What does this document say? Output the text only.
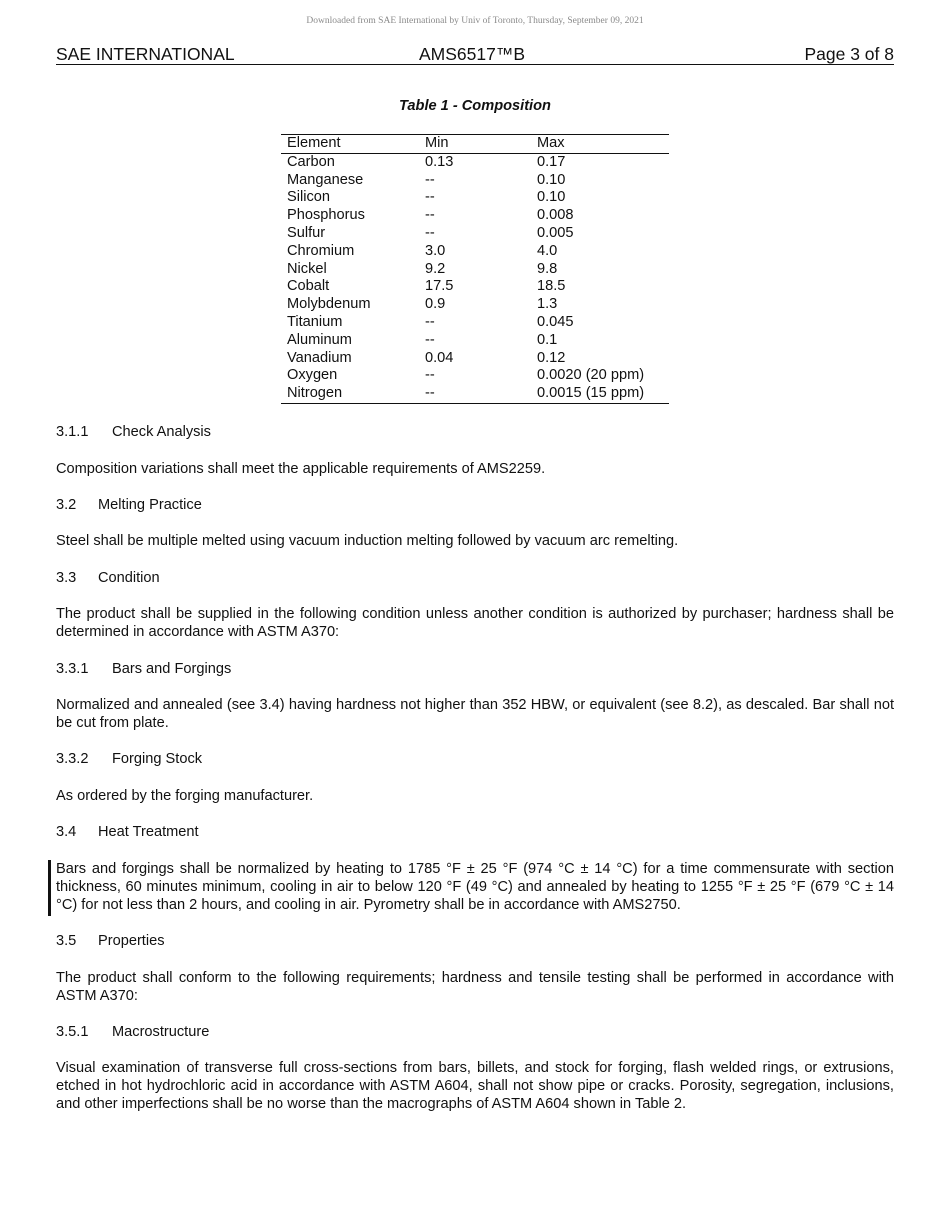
Downloaded from SAE International by Univ of Toronto, Thursday, September 09, 2021
SAE INTERNATIONAL	AMS6517™B	Page 3 of 8
Table 1 - Composition
Element	Min	Max
Carbon	0.13	0.17
Manganese	--	0.10
Silicon	--	0.10
Phosphorus	--	0.008
Sulfur	--	0.005
Chromium	3.0	4.0
Nickel	9.2	9.8
Cobalt	17.5	18.5
Molybdenum	0.9	1.3
Titanium	--	0.045
Aluminum	--	0.1
Vanadium	0.04	0.12
Oxygen	--	0.0020 (20 ppm)
Nitrogen	--	0.0015 (15 ppm)
3.1.1 Check Analysis
Composition variations shall meet the applicable requirements of AMS2259.
3.2 Melting Practice
Steel shall be multiple melted using vacuum induction melting followed by vacuum arc remelting.
3.3 Condition
The product shall be supplied in the following condition unless another condition is authorized by purchaser; hardness shall be determined in accordance with ASTM A370:
3.3.1 Bars and Forgings
Normalized and annealed (see 3.4) having hardness not higher than 352 HBW, or equivalent (see 8.2), as descaled. Bar shall not be cut from plate.
3.3.2 Forging Stock
As ordered by the forging manufacturer.
3.4 Heat Treatment
Bars and forgings shall be normalized by heating to 1785 °F ± 25 °F (974 °C ± 14 °C) for a time commensurate with section thickness, 60 minutes minimum, cooling in air to below 120 °F (49 °C) and annealed by heating to 1255 °F ± 25 °F (679 °C ± 14 °C) for not less than 2 hours, and cooling in air. Pyrometry shall be in accordance with AMS2750.
3.5 Properties
The product shall conform to the following requirements; hardness and tensile testing shall be performed in accordance with ASTM A370:
3.5.1 Macrostructure
Visual examination of transverse full cross-sections from bars, billets, and stock for forging, flash welded rings, or extrusions, etched in hot hydrochloric acid in accordance with ASTM A604, shall not show pipe or cracks. Porosity, segregation, inclusions, and other imperfections shall be no worse than the macrographs of ASTM A604 shown in Table 2.
